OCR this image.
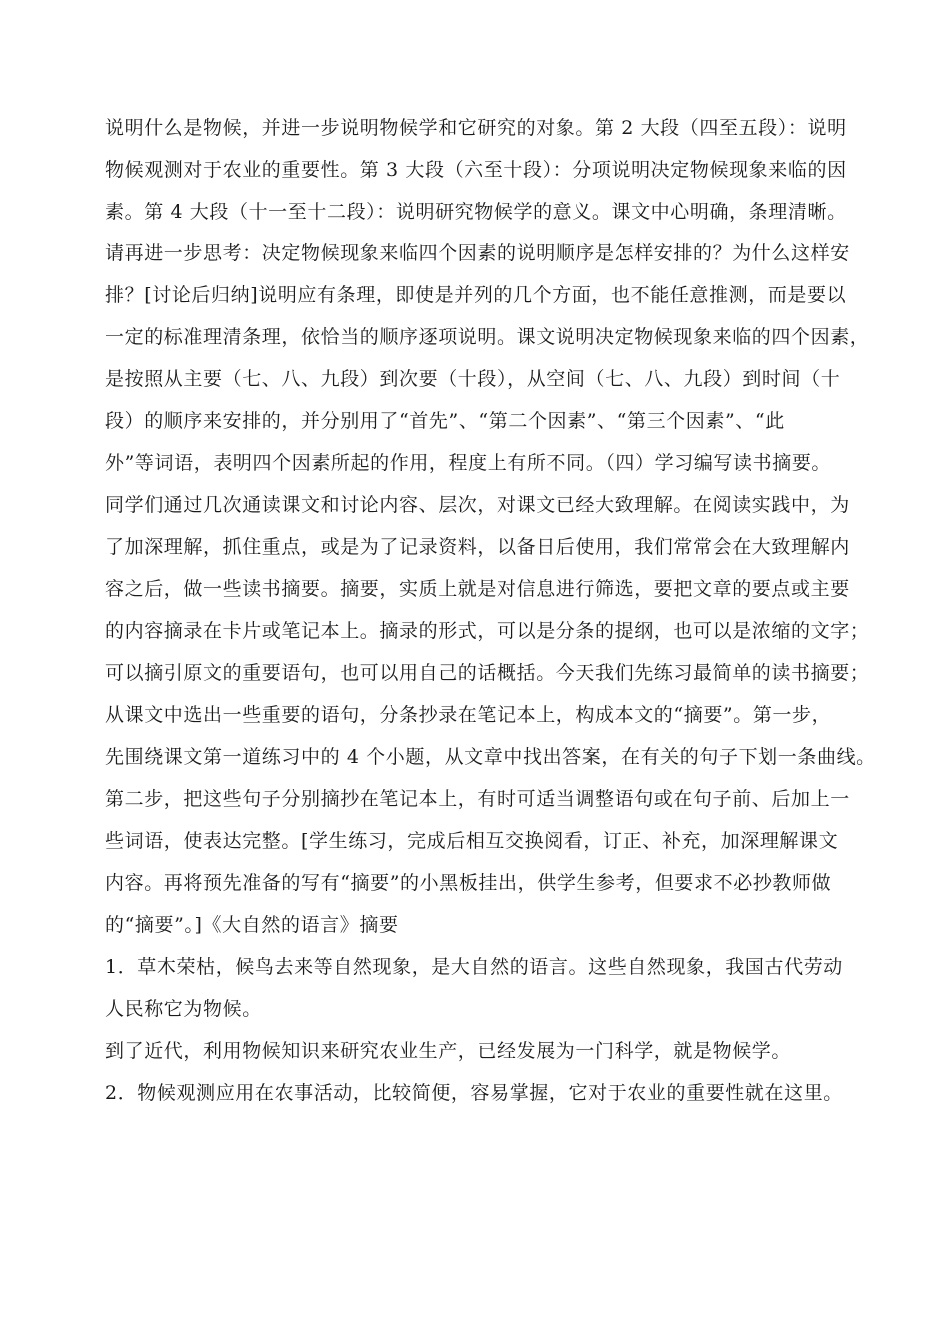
说明什么是物候，并进一步说明物候学和它研究的对象。第 2 大段（四至五段）：说明
物候观测对于农业的重要性。第 3 大段（六至十段）：分项说明决定物候现象来临的因
素。第 4 大段（十一至十二段）：说明研究物候学的意义。课文中心明确，条理清晰。
请再进一步思考：决定物候现象来临四个因素的说明顺序是怎样安排的？为什么这样安
排？[讨论后归纳]说明应有条理，即使是并列的几个方面，也不能任意推测，而是要以
一定的标准理清条理，依恰当的顺序逐项说明。课文说明决定物候现象来临的四个因素，
是按照从主要（七、八、九段）到次要（十段），从空间（七、八、九段）到时间（十
段）的顺序来安排的，并分别用了“首先”、“第二个因素”、“第三个因素”、“此
外”等词语，表明四个因素所起的作用，程度上有所不同。（四）学习编写读书摘要。
同学们通过几次通读课文和讨论内容、层次，对课文已经大致理解。在阅读实践中，为
了加深理解，抓住重点，或是为了记录资料，以备日后使用，我们常常会在大致理解内
容之后，做一些读书摘要。摘要，实质上就是对信息进行筛选，要把文章的要点或主要
的内容摘录在卡片或笔记本上。摘录的形式，可以是分条的提纲，也可以是浓缩的文字；
可以摘引原文的重要语句，也可以用自己的话概括。今天我们先练习最简单的读书摘要；
从课文中选出一些重要的语句，分条抄录在笔记本上，构成本文的“摘要”。第一步，
先围绕课文第一道练习中的 4 个小题，从文章中找出答案，在有关的句子下划一条曲线。
第二步，把这些句子分别摘抄在笔记本上，有时可适当调整语句或在句子前、后加上一
些词语，使表达完整。[学生练习，完成后相互交换阅看，订正、补充，加深理解课文
内容。再将预先准备的写有“摘要”的小黑板挂出，供学生参考，但要求不必抄教师做
的“摘要”。]《大自然的语言》摘要
1．草木荣枯，候鸟去来等自然现象，是大自然的语言。这些自然现象，我国古代劳动
人民称它为物候。
到了近代，利用物候知识来研究农业生产，已经发展为一门科学，就是物候学。
2．物候观测应用在农事活动，比较简便，容易掌握，它对于农业的重要性就在这里。
